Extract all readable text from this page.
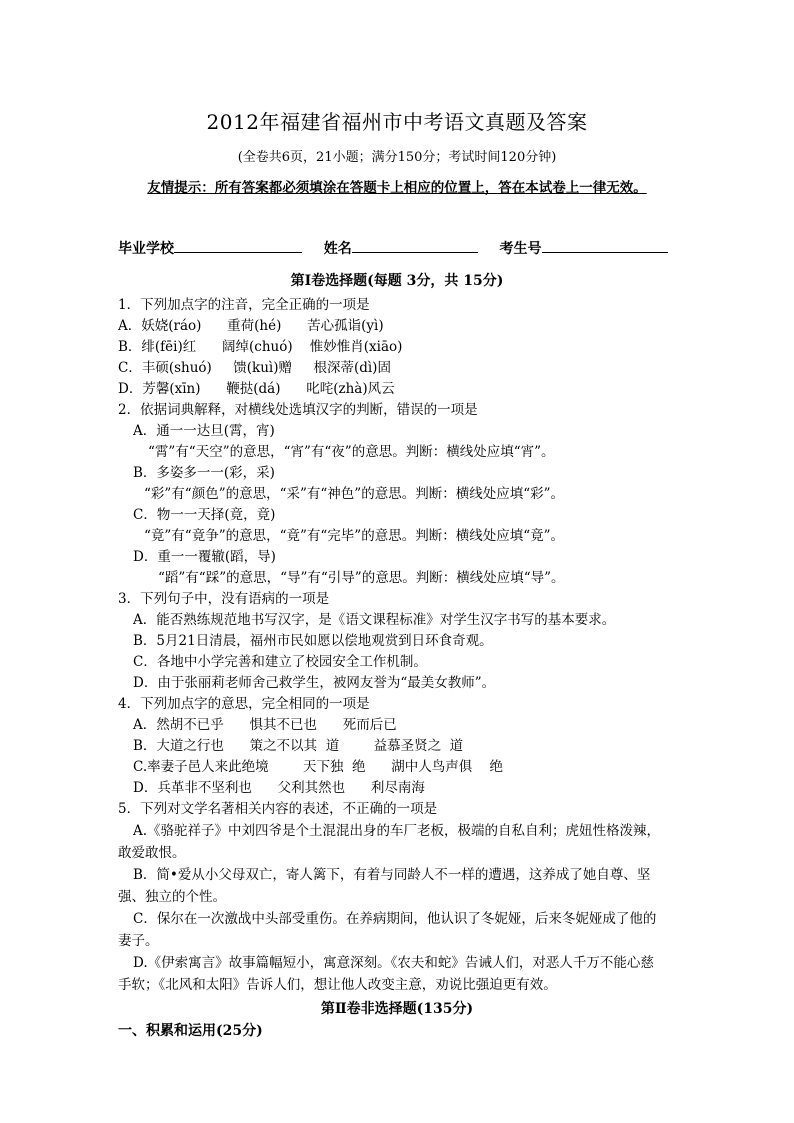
2012年福建省福州市中考语文真题及答案
(全卷共6页，21小题；满分150分；考试时间120分钟)
友情提示：所有答案都必须填涂在答题卡上相应的位置上，答在本试卷上一律无效。
毕业学校	姓名	考生号
第Ⅰ卷选择题(每题 3分，共 15分)
1．下列加点字的注音，完全正确的一项是
A．妖娆(ráo)      重荷(hé)      苦心孤诣(yì)
B．绯(fēi)红      阔绰(chuó)    惟妙惟肖(xiāo)
C．丰硕(shuó)     馈(kuì)赠     根深蒂(dì)固
D．芳馨(xīn)      鞭挞(dá)      叱咤(zhà)风云
2．依据词典解释，对横线处选填汉字的判断，错误的一项是
A．通一一达旦(霄，宵)
“霄”有“天空”的意思，“宵”有“夜”的意思。判断：横线处应填“宵”。
B．多姿多一一(彩，采)
“彩”有“颜色”的意思，“采”有“神色”的意思。判断：横线处应填“彩”。
C．物一一天择(竟，竟)
“竟”有“竟争”的意思，“竟”有“完毕”的意思。判断：横线处应填“竟”。
D．重一一覆辙(蹈，导)
“蹈”有“踩”的意思，“导”有“引导”的意思。判断：横线处应填“导”。
3．下列句子中，没有语病的一项是
A．能否熟练规范地书写汉字，是《语文课程标准》对学生汉字书写的基本要求。
B．5月21日清晨，福州市民如愿以偿地观赏到日环食奇观。
C．各地中小学完善和建立了校园安全工作机制。
D．由于张丽莉老师舍己救学生，被网友誉为“最美女教师”。
4．下列加点字的意思，完全相同的一项是
A．然胡不已乎      惧其不已也      死而后已
B．大道之行也      策之不以其  道        益慕圣贤之  道
C.率妻子邑人来此绝境        天下独  绝      湖中人鸟声俱    绝
D．兵革非不坚利也      父利其然也      利尽南海
5．下列对文学名著相关内容的表述，不正确的一项是
A.《骆驼祥子》中刘四爷是个土混混出身的车厂老板，极端的自私自利；虎妞性格泼辣，
敢爱敢恨。
B．简•爱从小父母双亡，寄人篱下，有着与同龄人不一样的遭遇，这养成了她自尊、坚
强、独立的个性。
C．保尔在一次激战中头部受重伤。在养病期间，他认识了冬妮娅，后来冬妮娅成了他的
妻子。
D.《伊索寓言》故事篇幅短小，寓意深刻。《农夫和蛇》告诫人们，对恶人千万不能心慈
手软；《北风和太阳》告诉人们，想让他人改变主意，劝说比强迫更有效。
第Ⅱ卷非选择题(135分)
一、积累和运用(25分)
